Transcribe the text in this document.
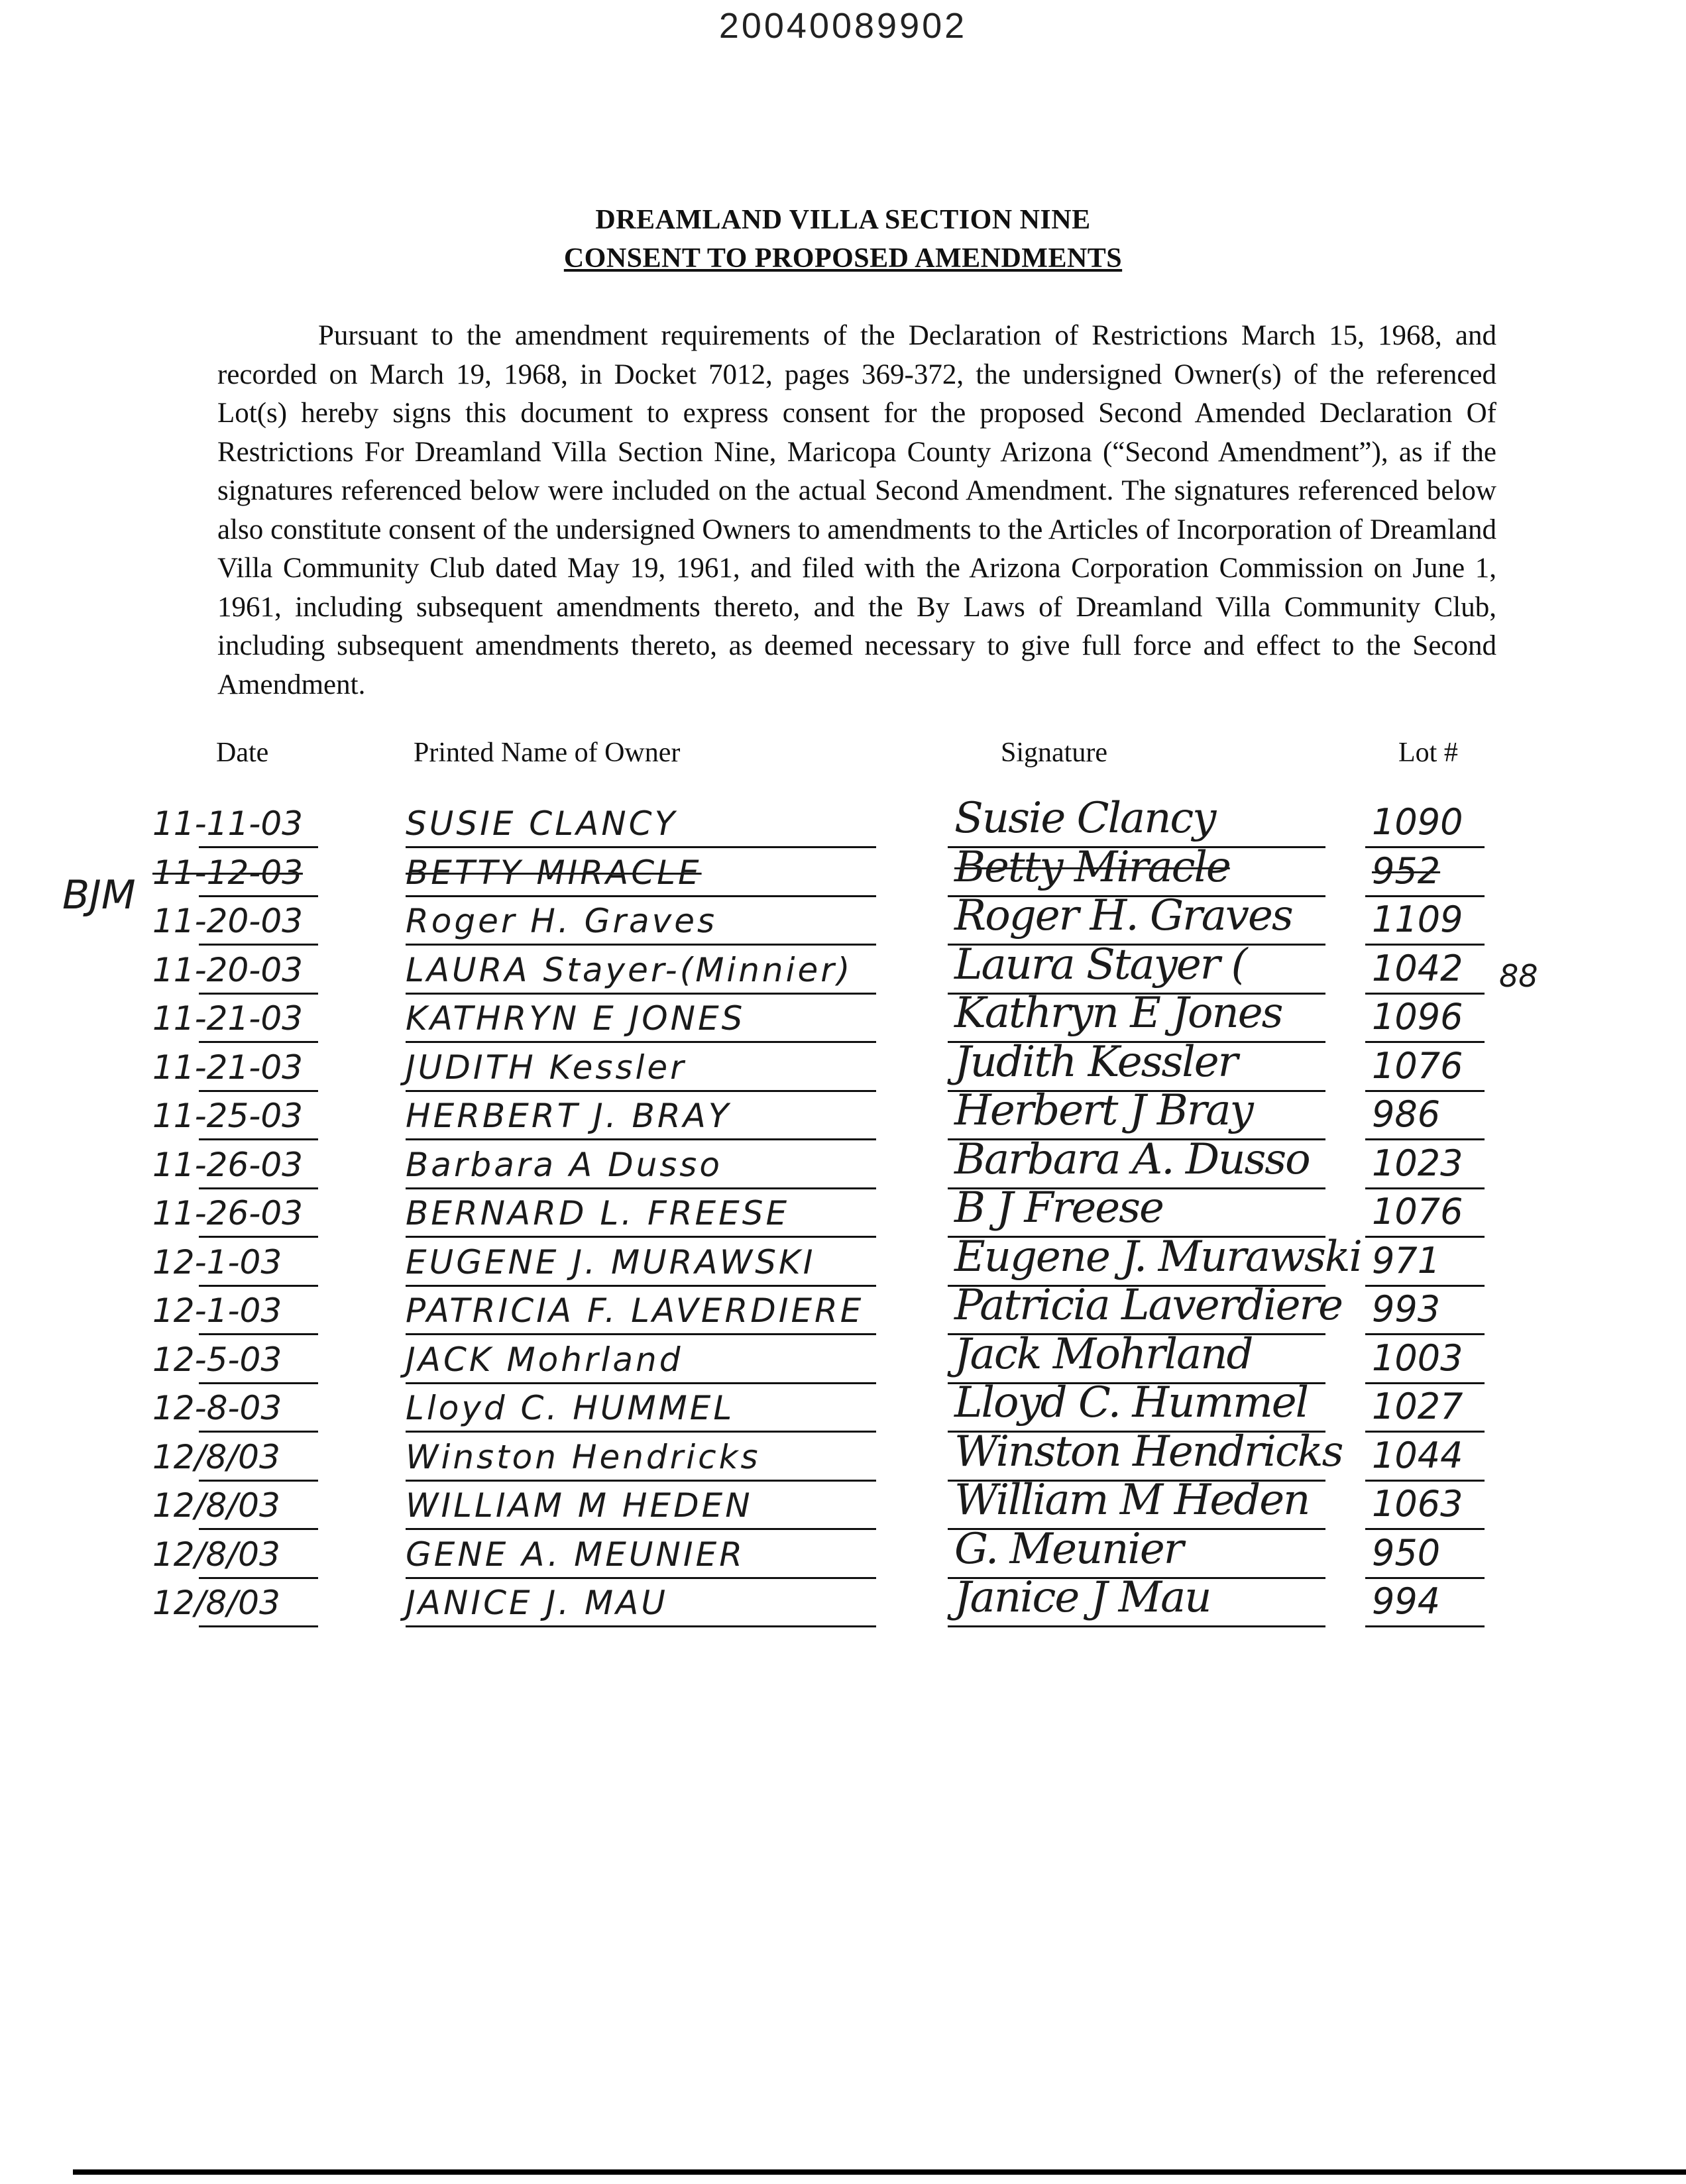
20040089902
DREAMLAND VILLA SECTION NINE
CONSENT TO PROPOSED AMENDMENTS

Pursuant to the amendment requirements of the Declaration of Restrictions March 15, 1968, and recorded on March 19, 1968, in Docket 7012, pages 369-372, the undersigned Owner(s) of the referenced Lot(s) hereby signs this document to express consent for the proposed Second Amended Declaration Of Restrictions For Dreamland Villa Section Nine, Maricopa County Arizona (“Second Amendment”), as if the signatures referenced below were included on the actual Second Amendment. The signatures referenced below also constitute consent of the undersigned Owners to amendments to the Articles of Incorporation of Dreamland Villa Community Club dated May 19, 1961, and filed with the Arizona Corporation Commission on June 1, 1961, including subsequent amendments thereto, and the By Laws of Dreamland Villa Community Club, including subsequent amendments thereto, as deemed necessary to give full force and effect to the Second Amendment.

Date	Printed Name of Owner	Signature	Lot #
11-11-03	SUSIE CLANCY	Susie Clancy	1090
11-12-03	BETTY MIRACLE	Betty Miracle	952
11-20-03	Roger H. Graves	Roger H. Graves	1109
11-20-03	LAURA Stayer-(Minnier)	Laura Stayer (	1042
11-21-03	KATHRYN E JONES	Kathryn E Jones	1096
11-21-03	JUDITH Kessler	Judith Kessler	1076
11-25-03	HERBERT J. BRAY	Herbert J Bray	986
11-26-03	Barbara A Dusso	Barbara A. Dusso	1023
11-26-03	BERNARD L. FREESE	B J Freese	1076
12-1-03	EUGENE J. MURAWSKI	Eugene J. Murawski 971
12-1-03	PATRICIA F. LAVERDIERE	Patricia Laverdiere 993
12-5-03	JACK Mohrland	Jack Mohrland	1003
12-8-03	Lloyd C. HUMMEL	Lloyd C. Hummel	1027
12/8/03	Winston Hendricks	Winston Hendricks 1044
12/8/03	WILLIAM M HEDEN	William M Heden	1063
12/8/03	GENE A. MEUNIER	G. Meunier	950
12/8/03	JANICE J. MAU	Janice J Mau	994
BJM
88
